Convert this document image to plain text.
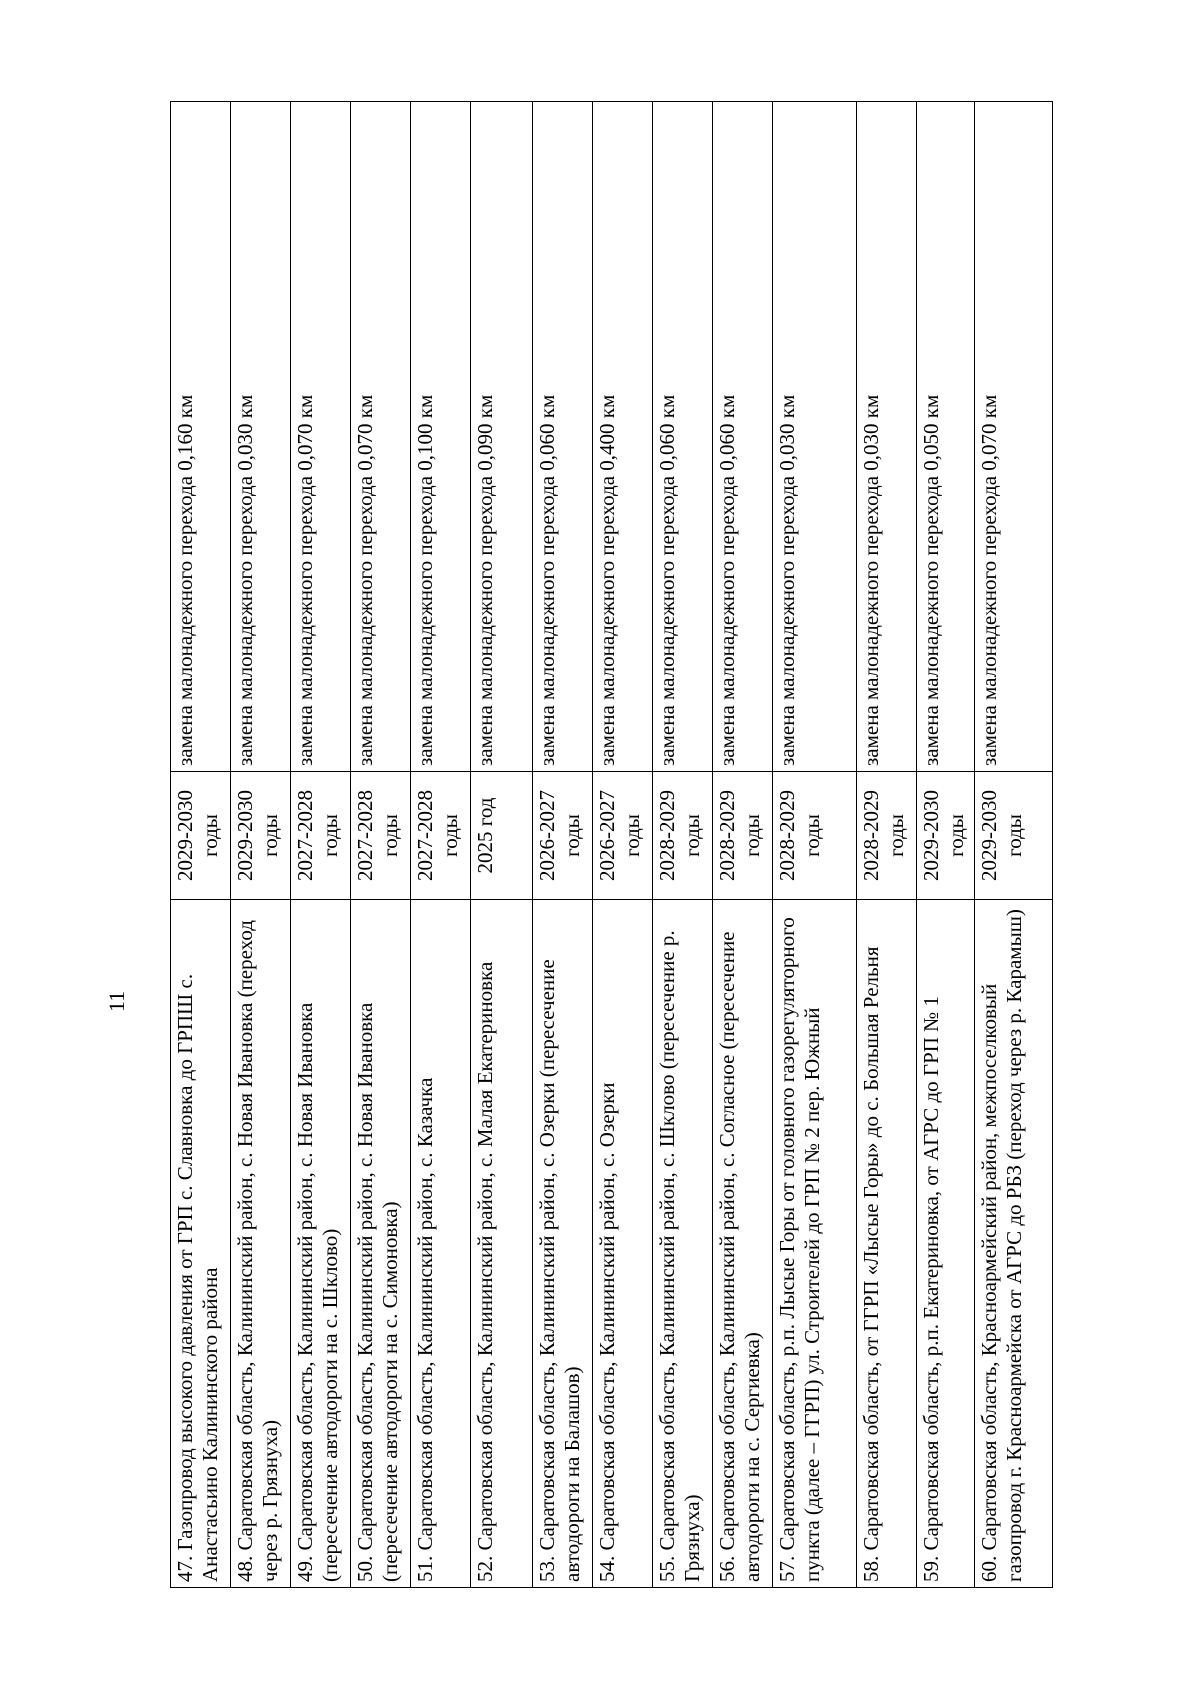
11 47. Газопровод высокого давления от ГРП с. Славновка до ГРПШ с. Анастасьино Калининского района	2029-2030 годы	замена малонадежного перехода 0,160 км
48. Саратовская область, Калининский район, с. Новая Ивановка (переход через р. Грязнуха)	2029-2030 годы	замена малонадежного перехода 0,030 км
49. Саратовская область, Калининский район, с. Новая Ивановка (пересечение автодороги на с. Шклово)	2027-2028 годы	замена малонадежного перехода 0,070 км
50. Саратовская область, Калининский район, с. Новая Ивановка (пересечение автодороги на с. Симоновка)	2027-2028 годы	замена малонадежного перехода 0,070 км
51. Саратовская область, Калининский район, с. Казачка	2027-2028 годы	замена малонадежного перехода 0,100 км
52. Саратовская область, Калининский район, с. Малая Екатериновка	2025 год	замена малонадежного перехода 0,090 км
53. Саратовская область, Калининский район, с. Озерки (пересечение автодороги на Балашов)	2026-2027 годы	замена малонадежного перехода 0,060 км
54. Саратовская область, Калининский район, с. Озерки	2026-2027 годы	замена малонадежного перехода 0,400 км
55. Саратовская область, Калининский район, с. Шклово (пересечение р. Грязнуха)	2028-2029 годы	замена малонадежного перехода 0,060 км
56. Саратовская область, Калининский район, с. Согласное (пересечение автодороги на с. Сергиевка)	2028-2029 годы	замена малонадежного перехода 0,060 км
57. Саратовская область, р.п. Лысые Горы от головного газорегуляторного пункта (далее – ГГРП) ул. Строителей до ГРП № 2 пер. Южный	2028-2029 годы	замена малонадежного перехода 0,030 км
58. Саратовская область, от ГГРП «Лысые Горы» до с. Большая Рельня	2028-2029 годы	замена малонадежного перехода 0,030 км
59. Саратовская область, р.п. Екатериновка, от АГРС до ГРП № 1	2029-2030 годы	замена малонадежного перехода 0,050 км
60. Саратовская область, Красноармейский район, межпоселковый газопровод г. Красноармейска от АГРС до РБЗ (переход через р. Карамыш)	2029-2030 годы	замена малонадежного перехода 0,070 км
